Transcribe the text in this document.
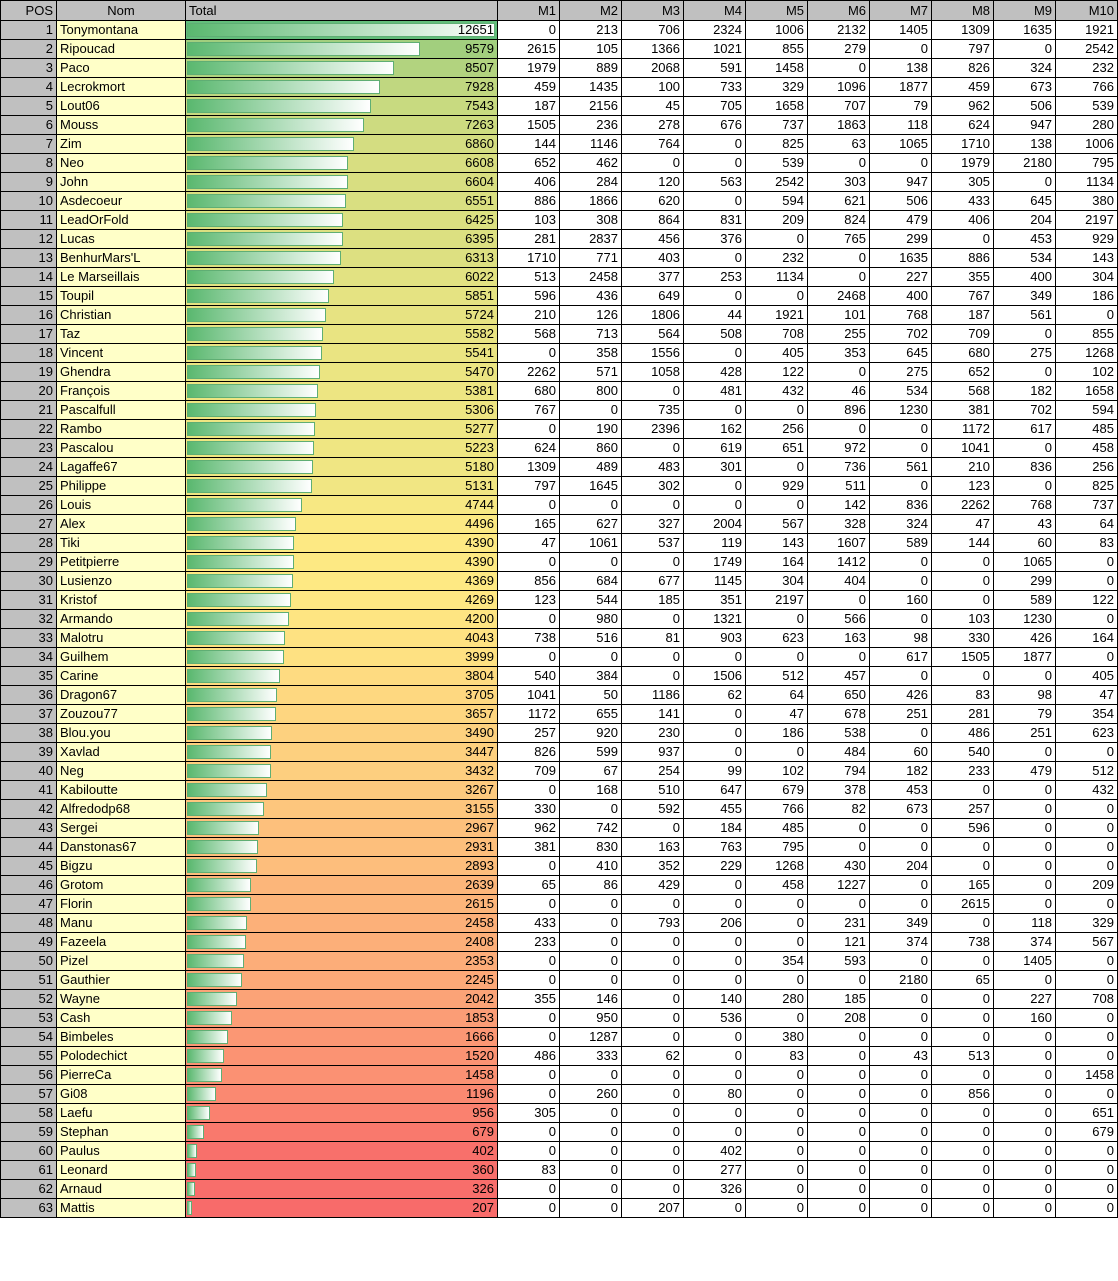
POS	Nom	Total	M1	M2	M3	M4	M5	M6	M7	M8	M9	M10
1	Tonymontana	12651	0	213	706	2324	1006	2132	1405	1309	1635	1921
2	Ripoucad	9579	2615	105	1366	1021	855	279	0	797	0	2542
3	Paco	8507	1979	889	2068	591	1458	0	138	826	324	232
4	Lecrokmort	7928	459	1435	100	733	329	1096	1877	459	673	766
5	Lout06	7543	187	2156	45	705	1658	707	79	962	506	539
6	Mouss	7263	1505	236	278	676	737	1863	118	624	947	280
7	Zim	6860	144	1146	764	0	825	63	1065	1710	138	1006
8	Neo	6608	652	462	0	0	539	0	0	1979	2180	795
9	John	6604	406	284	120	563	2542	303	947	305	0	1134
10	Asdecoeur	6551	886	1866	620	0	594	621	506	433	645	380
11	LeadOrFold	6425	103	308	864	831	209	824	479	406	204	2197
12	Lucas	6395	281	2837	456	376	0	765	299	0	453	929
13	BenhurMars'L	6313	1710	771	403	0	232	0	1635	886	534	143
14	Le Marseillais	6022	513	2458	377	253	1134	0	227	355	400	304
15	Toupil	5851	596	436	649	0	0	2468	400	767	349	186
16	Christian	5724	210	126	1806	44	1921	101	768	187	561	0
17	Taz	5582	568	713	564	508	708	255	702	709	0	855
18	Vincent	5541	0	358	1556	0	405	353	645	680	275	1268
19	Ghendra	5470	2262	571	1058	428	122	0	275	652	0	102
20	François	5381	680	800	0	481	432	46	534	568	182	1658
21	Pascalfull	5306	767	0	735	0	0	896	1230	381	702	594
22	Rambo	5277	0	190	2396	162	256	0	0	1172	617	485
23	Pascalou	5223	624	860	0	619	651	972	0	1041	0	458
24	Lagaffe67	5180	1309	489	483	301	0	736	561	210	836	256
25	Philippe	5131	797	1645	302	0	929	511	0	123	0	825
26	Louis	4744	0	0	0	0	0	142	836	2262	768	737
27	Alex	4496	165	627	327	2004	567	328	324	47	43	64
28	Tiki	4390	47	1061	537	119	143	1607	589	144	60	83
29	Petitpierre	4390	0	0	0	1749	164	1412	0	0	1065	0
30	Lusienzo	4369	856	684	677	1145	304	404	0	0	299	0
31	Kristof	4269	123	544	185	351	2197	0	160	0	589	122
32	Armando	4200	0	980	0	1321	0	566	0	103	1230	0
33	Malotru	4043	738	516	81	903	623	163	98	330	426	164
34	Guilhem	3999	0	0	0	0	0	0	617	1505	1877	0
35	Carine	3804	540	384	0	1506	512	457	0	0	0	405
36	Dragon67	3705	1041	50	1186	62	64	650	426	83	98	47
37	Zouzou77	3657	1172	655	141	0	47	678	251	281	79	354
38	Blou.you	3490	257	920	230	0	186	538	0	486	251	623
39	Xavlad	3447	826	599	937	0	0	484	60	540	0	0
40	Neg	3432	709	67	254	99	102	794	182	233	479	512
41	Kabiloutte	3267	0	168	510	647	679	378	453	0	0	432
42	Alfredodp68	3155	330	0	592	455	766	82	673	257	0	0
43	Sergei	2967	962	742	0	184	485	0	0	596	0	0
44	Danstonas67	2931	381	830	163	763	795	0	0	0	0	0
45	Bigzu	2893	0	410	352	229	1268	430	204	0	0	0
46	Grotom	2639	65	86	429	0	458	1227	0	165	0	209
47	Florin	2615	0	0	0	0	0	0	0	2615	0	0
48	Manu	2458	433	0	793	206	0	231	349	0	118	329
49	Fazeela	2408	233	0	0	0	0	121	374	738	374	567
50	Pizel	2353	0	0	0	0	354	593	0	0	1405	0
51	Gauthier	2245	0	0	0	0	0	0	2180	65	0	0
52	Wayne	2042	355	146	0	140	280	185	0	0	227	708
53	Cash	1853	0	950	0	536	0	208	0	0	160	0
54	Bimbeles	1666	0	1287	0	0	380	0	0	0	0	0
55	Polodechict	1520	486	333	62	0	83	0	43	513	0	0
56	PierreCa	1458	0	0	0	0	0	0	0	0	0	1458
57	Gi08	1196	0	260	0	80	0	0	0	856	0	0
58	Laefu	956	305	0	0	0	0	0	0	0	0	651
59	Stephan	679	0	0	0	0	0	0	0	0	0	679
60	Paulus	402	0	0	0	402	0	0	0	0	0	0
61	Leonard	360	83	0	0	277	0	0	0	0	0	0
62	Arnaud	326	0	0	0	326	0	0	0	0	0	0
63	Mattis	207	0	0	207	0	0	0	0	0	0	0
